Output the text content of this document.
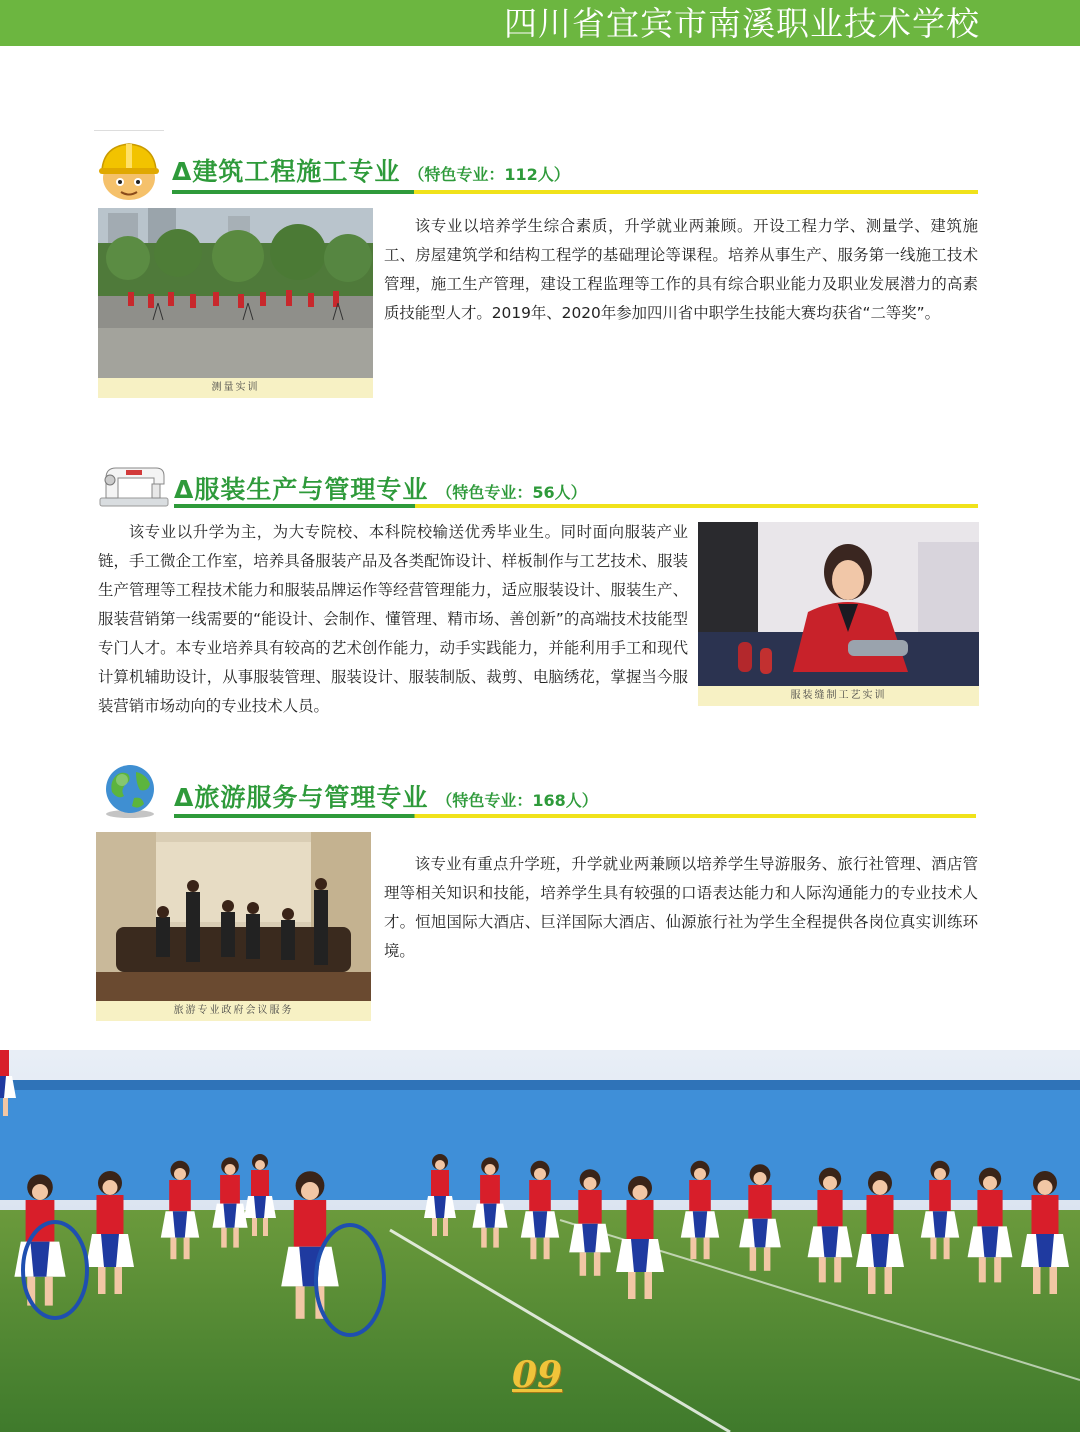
四川省宜宾市南溪职业技术学校
Δ建筑工程施工专业 （特色专业：112人）
测量实训
该专业以培养学生综合素质，升学就业两兼顾。开设工程力学、测量学、建筑施工、房屋建筑学和结构工程学的基础理论等课程。培养从事生产、服务第一线施工技术管理，施工生产管理，建设工程监理等工作的具有综合职业能力及职业发展潜力的高素质技能型人才。2019年、2020年参加四川省中职学生技能大赛均获省“二等奖”。
Δ服装生产与管理专业 （特色专业：56人）
该专业以升学为主，为大专院校、本科院校输送优秀毕业生。同时面向服装产业链，手工微企工作室，培养具备服装产品及各类配饰设计、样板制作与工艺技术、服装生产管理等工程技术能力和服装品牌运作等经营管理能力，适应服装设计、服装生产、服装营销第一线需要的“能设计、会制作、懂管理、精市场、善创新”的高端技术技能型专门人才。本专业培养具有较高的艺术创作能力，动手实践能力，并能利用手工和现代计算机辅助设计，从事服装管理、服装设计、服装制版、裁剪、电脑绣花，掌握当今服装营销市场动向的专业技术人员。
服装缝制工艺实训
Δ旅游服务与管理专业 （特色专业：168人）
旅游专业政府会议服务
该专业有重点升学班，升学就业两兼顾以培养学生导游服务、旅行社管理、酒店管理等相关知识和技能，培养学生具有较强的口语表达能力和人际沟通能力的专业技术人才。恒旭国际大酒店、巨洋国际大酒店、仙源旅行社为学生全程提供各岗位真实训练环境。
09
